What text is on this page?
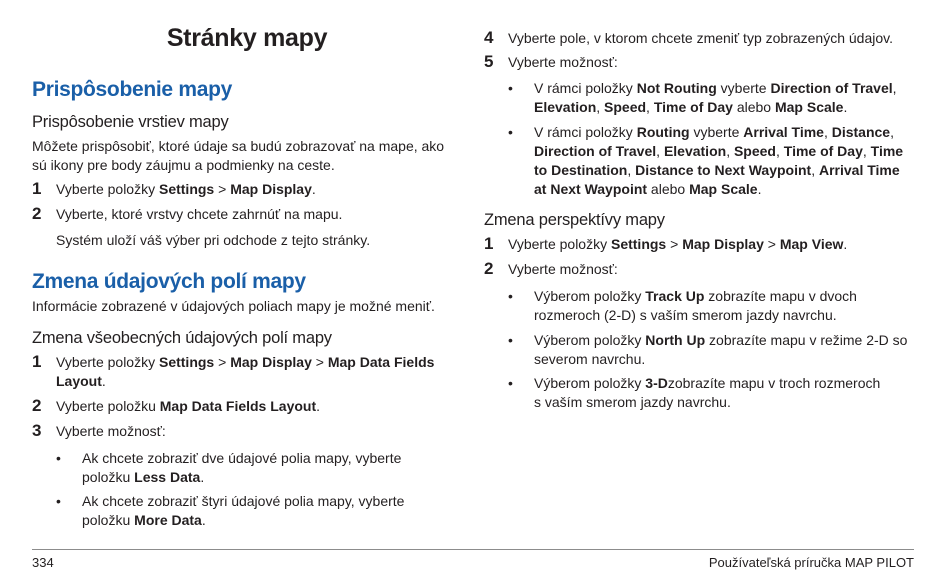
Stránky mapy
Prispôsobenie mapy
Prispôsobenie vrstiev mapy
Môžete prispôsobiť, ktoré údaje sa budú zobrazovať na mape, ako sú ikony pre body záujmu a podmienky na ceste.
1	Vyberte položky Settings > Map Display.
2	Vyberte, ktoré vrstvy chcete zahrnúť na mapu.
Systém uloží váš výber pri odchode z tejto stránky.
Zmena údajových polí mapy
Informácie zobrazené v údajových poliach mapy je možné meniť.
Zmena všeobecných údajových polí mapy
1	Vyberte položky Settings > Map Display > Map Data Fields Layout.
2	Vyberte položku Map Data Fields Layout.
3	Vyberte možnosť:
• Ak chcete zobraziť dve údajové polia mapy, vyberte položku Less Data.
• Ak chcete zobraziť štyri údajové polia mapy, vyberte položku More Data.
4	Vyberte pole, v ktorom chcete zmeniť typ zobrazených údajov.
5	Vyberte možnosť:
• V rámci položky Not Routing vyberte Direction of Travel, Elevation, Speed, Time of Day alebo Map Scale.
• V rámci položky Routing vyberte Arrival Time, Distance, Direction of Travel, Elevation, Speed, Time of Day, Time to Destination, Distance to Next Waypoint, Arrival Time at Next Waypoint alebo Map Scale.
Zmena perspektívy mapy
1	Vyberte položky Settings > Map Display > Map View.
2	Vyberte možnosť:
• Výberom položky Track Up zobrazíte mapu v dvoch rozmeroch (2-D) s vaším smerom jazdy navrchu.
• Výberom položky North Up zobrazíte mapu v režime 2-D so severom navrchu.
• Výberom položky 3-Dzobrazíte mapu v troch rozmeroch s vaším smerom jazdy navrchu.
334	Používateľská príručka MAP PILOT
